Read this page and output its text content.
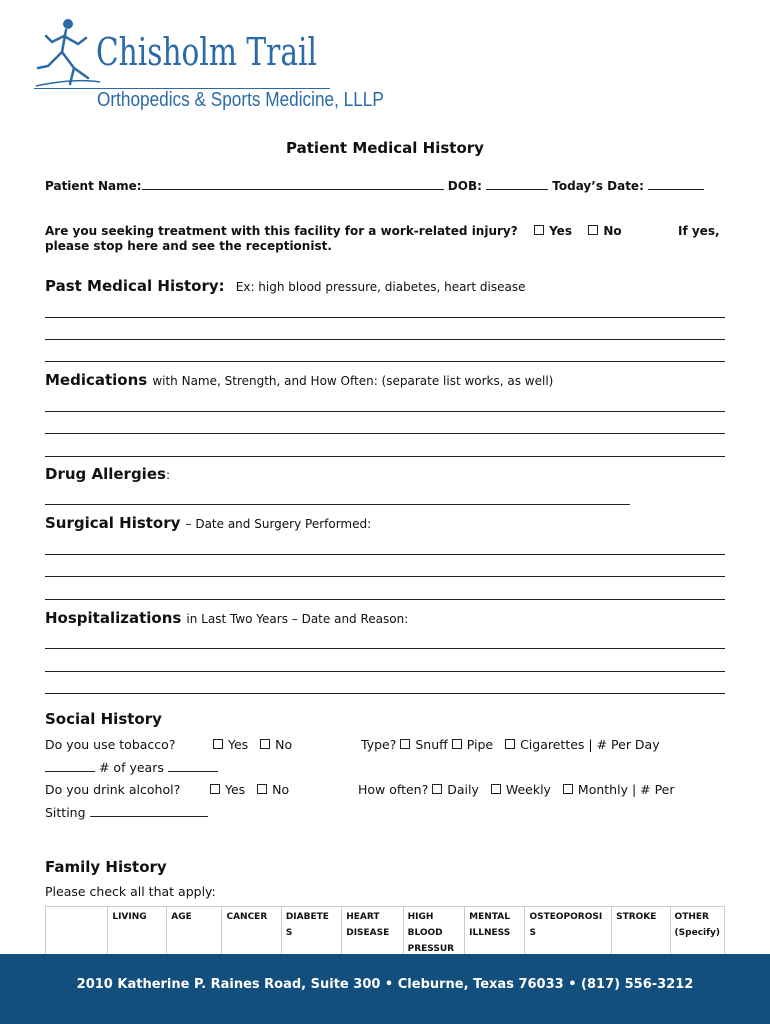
Chisholm Trail
Orthopedics & Sports Medicine, LLLP
Patient Medical History
Patient Name:	DOB:	Today’s Date:
Are you seeking treatment with this facility for a work-related injury?	Yes	No	If yes,
please stop here and see the receptionist.
Past Medical History: Ex: high blood pressure, diabetes, heart disease
Medications with Name, Strength, and How Often: (separate list works, as well)
Drug Allergies:
Surgical History – Date and Surgery Performed:
Hospitalizations in Last Two Years – Date and Reason:
Social History
Do you use tobacco?	Yes No	Type? Snuff Pipe Cigarettes | # Per Day
# of years
Do you drink alcohol?	Yes No	How often? Daily Weekly Monthly | # Per
Sitting
Family History
Please check all that apply:
	LIVING	AGE	CANCER	DIABETE S	HEART DISEASE	HIGH BLOOD PRESSUR	MENTAL ILLNESS	OSTEOPOROSI S	STROKE	OTHER (Specify)
2010 Katherine P. Raines Road, Suite 300 • Cleburne, Texas 76033 • (817) 556-3212
